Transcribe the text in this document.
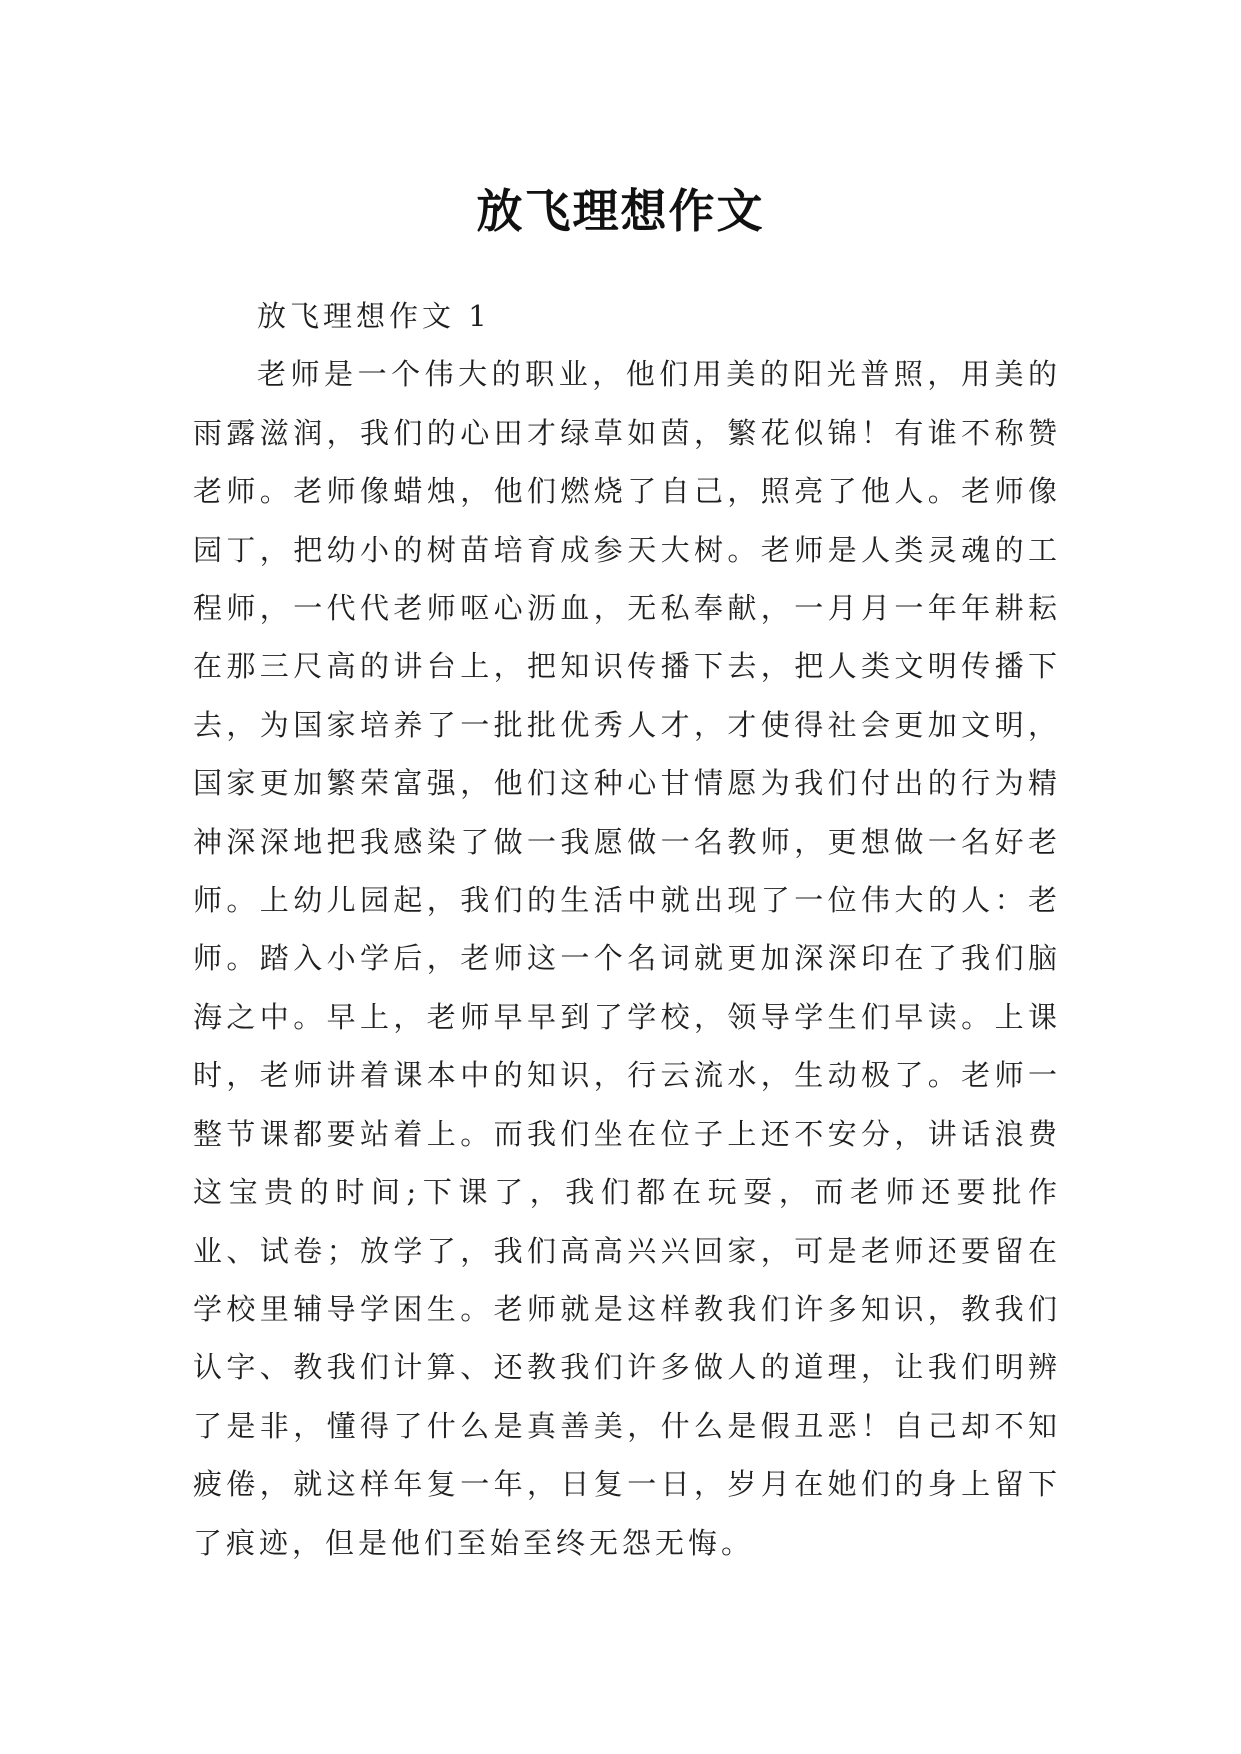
放飞理想作文

放飞理想作文 1

老师是一个伟大的职业，他们用美的阳光普照，用美的雨露滋润，我们的心田才绿草如茵，繁花似锦！有谁不称赞老师。老师像蜡烛，他们燃烧了自己，照亮了他人。老师像园丁，把幼小的树苗培育成参天大树。老师是人类灵魂的工程师，一代代老师呕心沥血，无私奉献，一月月一年年耕耘在那三尺高的讲台上，把知识传播下去，把人类文明传播下去，为国家培养了一批批优秀人才，才使得社会更加文明，国家更加繁荣富强，他们这种心甘情愿为我们付出的行为精神深深地把我感染了做一我愿做一名教师，更想做一名好老师。上幼儿园起，我们的生活中就出现了一位伟大的人：老师。踏入小学后，老师这一个名词就更加深深印在了我们脑海之中。早上，老师早早到了学校，领导学生们早读。上课时，老师讲着课本中的知识，行云流水，生动极了。老师一整节课都要站着上。而我们坐在位子上还不安分，讲话浪费这宝贵的时间;下课了，我们都在玩耍，而老师还要批作业、试卷；放学了，我们高高兴兴回家，可是老师还要留在学校里辅导学困生。老师就是这样教我们许多知识，教我们认字、教我们计算、还教我们许多做人的道理，让我们明辨了是非，懂得了什么是真善美，什么是假丑恶！自己却不知疲倦，就这样年复一年，日复一日，岁月在她们的身上留下了痕迹，但是他们至始至终无怨无悔。
